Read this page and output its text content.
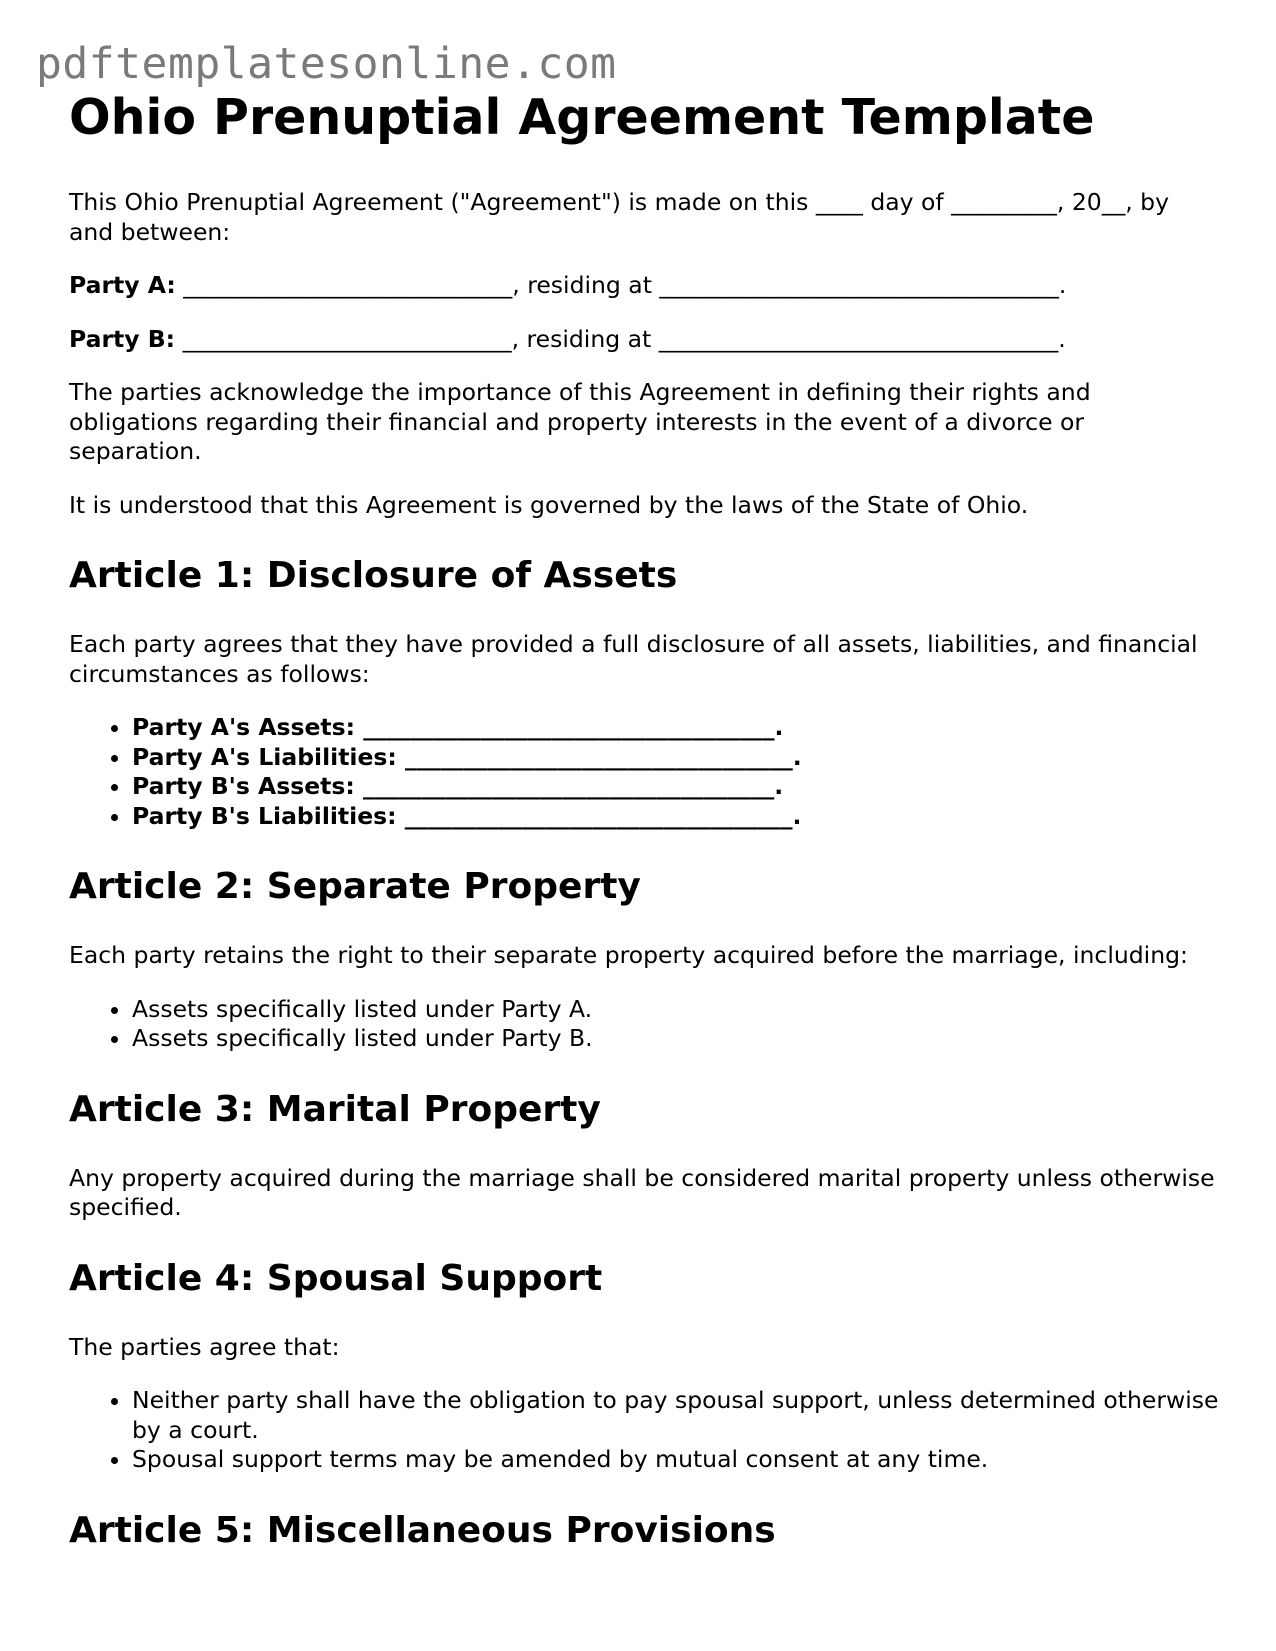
pdftemplatesonline.com
Ohio Prenuptial Agreement Template

This Ohio Prenuptial Agreement ("Agreement") is made on this ____ day of _________, 20__, by and between:

Party A: ____________________________, residing at __________________________________.

Party B: ____________________________, residing at __________________________________.

The parties acknowledge the importance of this Agreement in defining their rights and obligations regarding their financial and property interests in the event of a divorce or separation.

It is understood that this Agreement is governed by the laws of the State of Ohio.

Article 1: Disclosure of Assets

Each party agrees that they have provided a full disclosure of all assets, liabilities, and financial circumstances as follows:

• Party A's Assets: ___________________________________.
• Party A's Liabilities: _________________________________.
• Party B's Assets: ___________________________________.
• Party B's Liabilities: _________________________________.
Article 2: Separate Property

Each party retains the right to their separate property acquired before the marriage, including:

• Assets specifically listed under Party A.
• Assets specifically listed under Party B.
Article 3: Marital Property

Any property acquired during the marriage shall be considered marital property unless otherwise specified.

Article 4: Spousal Support

The parties agree that:

• Neither party shall have the obligation to pay spousal support, unless determined otherwise by a court.
• Spousal support terms may be amended by mutual consent at any time.
Article 5: Miscellaneous Provisions
